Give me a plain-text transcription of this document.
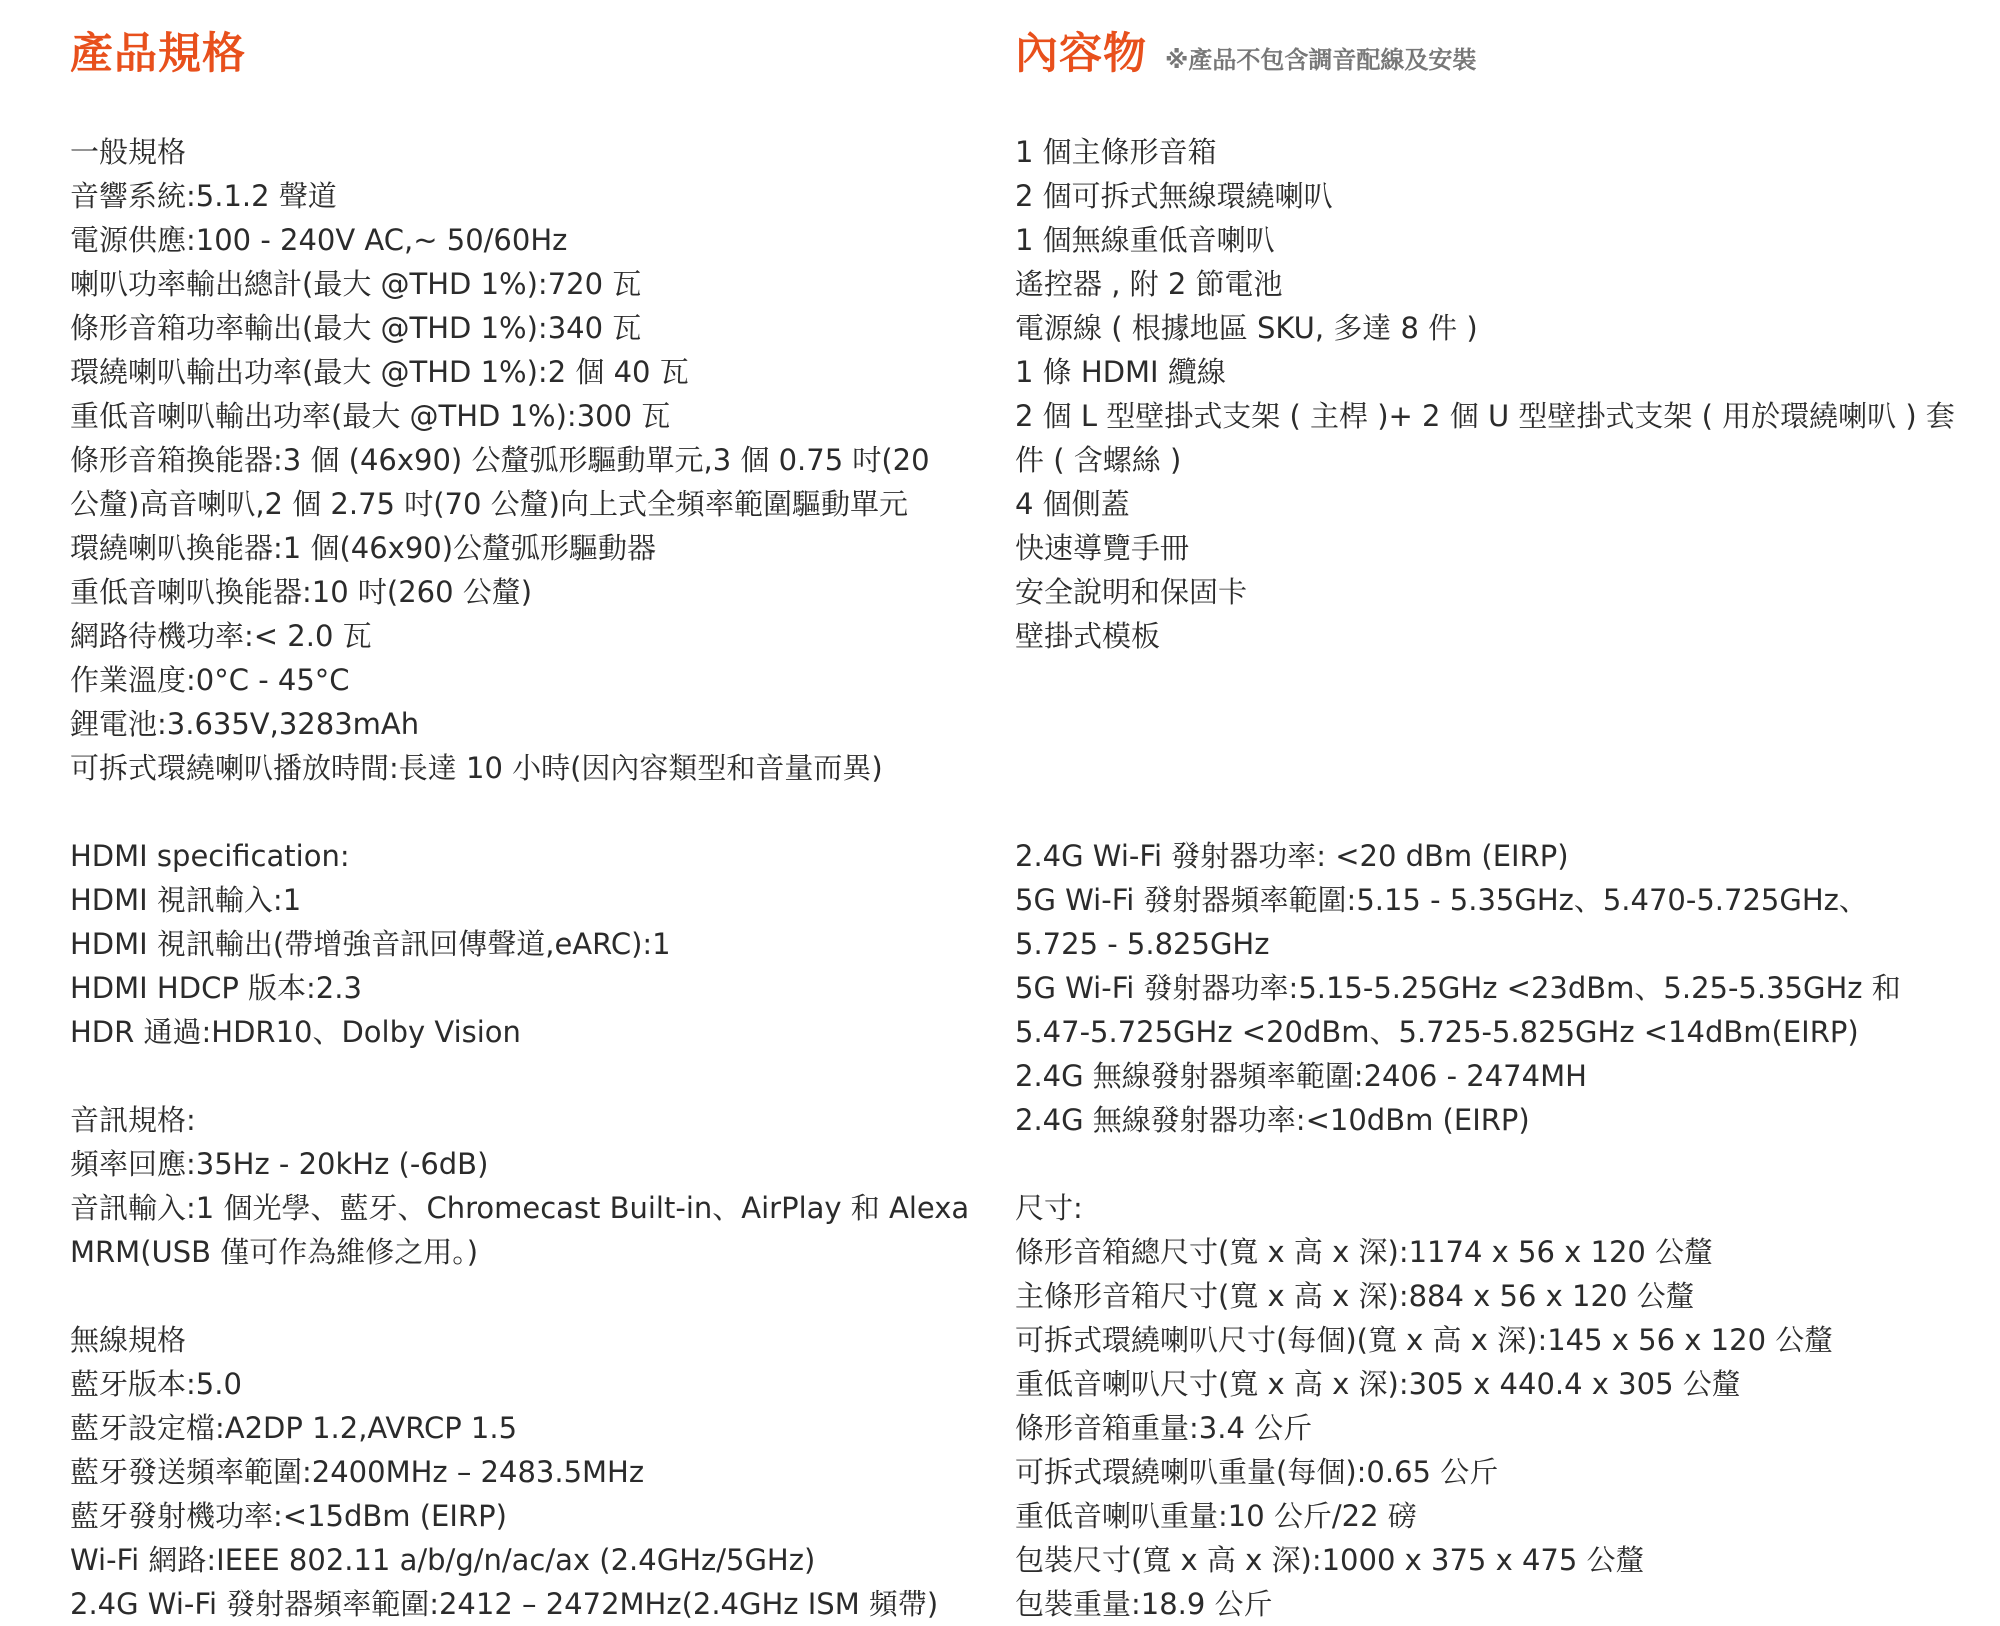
產品規格
一般規格
音響系統:5.1.2 聲道
電源供應:100 - 240V AC,~ 50/60Hz
喇叭功率輸出總計(最大 @THD 1%):720 瓦
條形音箱功率輸出(最大 @THD 1%):340 瓦
環繞喇叭輸出功率(最大 @THD 1%):2 個 40 瓦
重低音喇叭輸出功率(最大 @THD 1%):300 瓦
條形音箱換能器:3 個 (46x90) 公釐弧形驅動單元,3 個 0.75 吋(20
公釐)高音喇叭,2 個 2.75 吋(70 公釐)向上式全頻率範圍驅動單元
環繞喇叭換能器:1 個(46x90)公釐弧形驅動器
重低音喇叭換能器:10 吋(260 公釐)
網路待機功率:< 2.0 瓦
作業溫度:0°C - 45°C
鋰電池:3.635V,3283mAh
可拆式環繞喇叭播放時間:長達 10 小時(因內容類型和音量而異)
HDMI specification:
HDMI 視訊輸入:1
HDMI 視訊輸出(帶增強音訊回傳聲道,eARC):1
HDMI HDCP 版本:2.3
HDR 通過:HDR10、Dolby Vision
音訊規格:
頻率回應:35Hz - 20kHz (-6dB)
音訊輸入:1 個光學、藍牙、Chromecast Built-in、AirPlay 和 Alexa
MRM(USB 僅可作為維修之用。)
無線規格
藍牙版本:5.0
藍牙設定檔:A2DP 1.2,AVRCP 1.5
藍牙發送頻率範圍:2400MHz – 2483.5MHz
藍牙發射機功率:<15dBm (EIRP)
Wi-Fi 網路:IEEE 802.11 a/b/g/n/ac/ax (2.4GHz/5GHz)
2.4G Wi-Fi 發射器頻率範圍:2412 – 2472MHz(2.4GHz ISM 頻帶)
內容物 ※產品不包含調音配線及安裝
1 個主條形音箱
2 個可拆式無線環繞喇叭
1 個無線重低音喇叭
遙控器 , 附 2 節電池
電源線 ( 根據地區 SKU, 多達 8 件 )
1 條 HDMI 纜線
2 個 L 型壁掛式支架 ( 主桿 )+ 2 個 U 型壁掛式支架 ( 用於環繞喇叭 ) 套
件 ( 含螺絲 )
4 個側蓋
快速導覽手冊
安全說明和保固卡
壁掛式模板
2.4G Wi-Fi 發射器功率: <20 dBm (EIRP)
5G Wi-Fi 發射器頻率範圍:5.15 - 5.35GHz、5.470-5.725GHz、
5.725 - 5.825GHz
5G Wi-Fi 發射器功率:5.15-5.25GHz <23dBm、5.25-5.35GHz 和
5.47-5.725GHz <20dBm、5.725-5.825GHz <14dBm(EIRP)
2.4G 無線發射器頻率範圍:2406 - 2474MH
2.4G 無線發射器功率:<10dBm (EIRP)
尺寸:
條形音箱總尺寸(寬 x 高 x 深):1174 x 56 x 120 公釐
主條形音箱尺寸(寬 x 高 x 深):884 x 56 x 120 公釐
可拆式環繞喇叭尺寸(每個)(寬 x 高 x 深):145 x 56 x 120 公釐
重低音喇叭尺寸(寬 x 高 x 深):305 x 440.4 x 305 公釐
條形音箱重量:3.4 公斤
可拆式環繞喇叭重量(每個):0.65 公斤
重低音喇叭重量:10 公斤/22 磅
包裝尺寸(寬 x 高 x 深):1000 x 375 x 475 公釐
包裝重量:18.9 公斤
